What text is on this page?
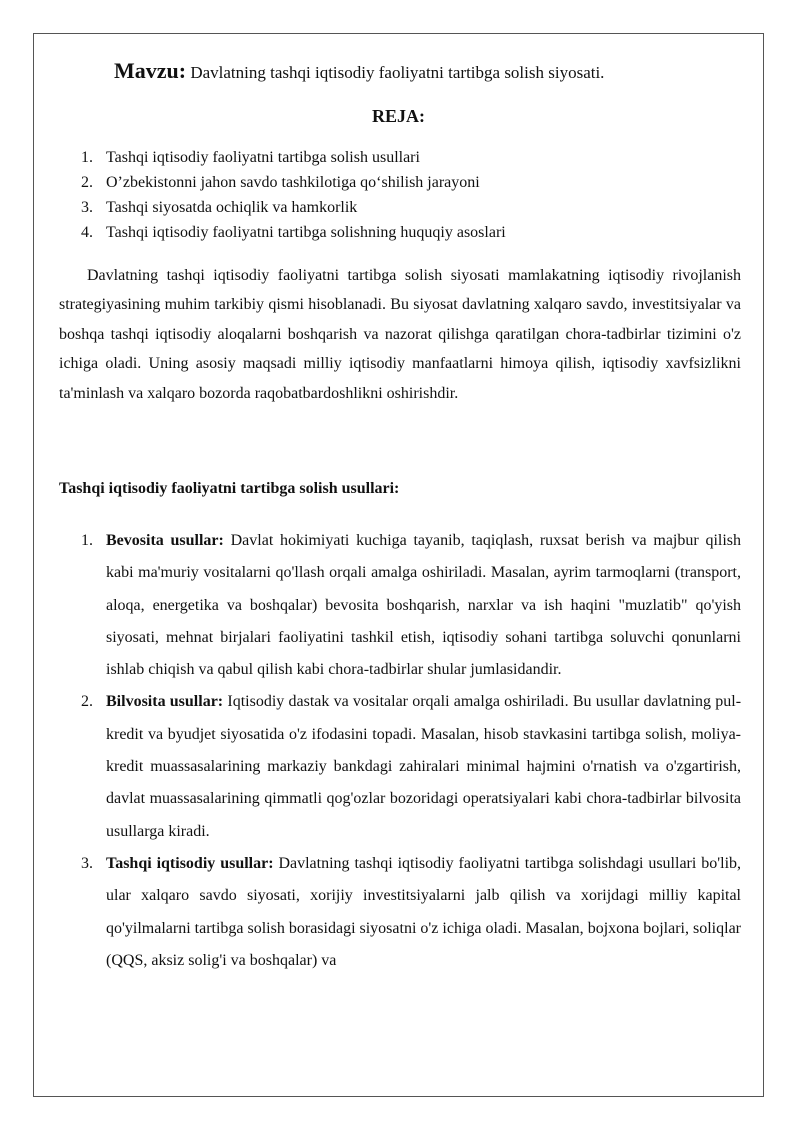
Mavzu: Davlatning tashqi iqtisodiy faoliyatni tartibga solish siyosati.
REJA:
1. Tashqi iqtisodiy faoliyatni tartibga solish usullari
2. O’zbekistonni jahon savdo tashkilotiga qo‘shilish jarayoni
3. Tashqi siyosatda ochiqlik va hamkorlik
4. Tashqi iqtisodiy faoliyatni tartibga solishning huquqiy asoslari

Davlatning tashqi iqtisodiy faoliyatni tartibga solish siyosati mamlakatning iqtisodiy rivojlanish strategiyasining muhim tarkibiy qismi hisoblanadi. Bu siyosat davlatning xalqaro savdo, investitsiyalar va boshqa tashqi iqtisodiy aloqalarni boshqarish va nazorat qilishga qaratilgan chora-tadbirlar tizimini o'z ichiga oladi. Uning asosiy maqsadi milliy iqtisodiy manfaatlarni himoya qilish, iqtisodiy xavfsizlikni ta'minlash va xalqaro bozorda raqobatbardoshlikni oshirishdir.

Tashqi iqtisodiy faoliyatni tartibga solish usullari:
1. Bevosita usullar: Davlat hokimiyati kuchiga tayanib, taqiqlash, ruxsat berish va majbur qilish kabi ma'muriy vositalarni qo'llash orqali amalga oshiriladi. Masalan, ayrim tarmoqlarni (transport, aloqa, energetika va boshqalar) bevosita boshqarish, narxlar va ish haqini "muzlatib" qo'yish siyosati, mehnat birjalari faoliyatini tashkil etish, iqtisodiy sohani tartibga soluvchi qonunlarni ishlab chiqish va qabul qilish kabi chora-tadbirlar shular jumlasidandir.

2. Bilvosita usullar: Iqtisodiy dastak va vositalar orqali amalga oshiriladi. Bu usullar davlatning pul-kredit va byudjet siyosatida o'z ifodasini topadi. Masalan, hisob stavkasini tartibga solish, moliya-kredit muassasalarining markaziy bankdagi zahiralari minimal hajmini o'rnatish va o'zgartirish, davlat muassasalarining qimmatli qog'ozlar bozoridagi operatsiyalari kabi chora-tadbirlar bilvosita usullarga kiradi.

3. Tashqi iqtisodiy usullar: Davlatning tashqi iqtisodiy faoliyatni tartibga solishdagi usullari bo'lib, ular xalqaro savdo siyosati, xorijiy investitsiyalarni jalb qilish va xorijdagi milliy kapital qo'yilmalarni tartibga solish borasidagi siyosatni o'z ichiga oladi. Masalan, bojxona bojlari, soliqlar (QQS, aksiz solig'i va boshqalar) va
